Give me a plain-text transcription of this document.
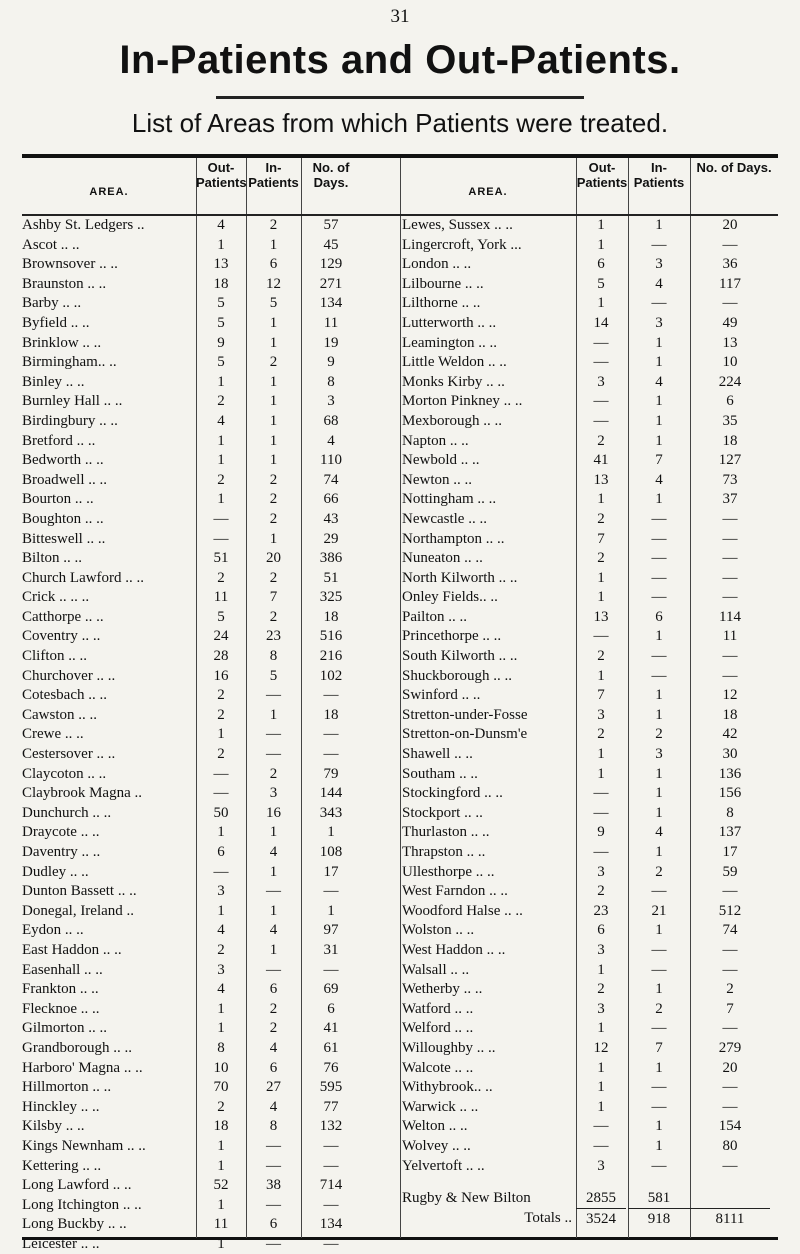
31
In-Patients and Out-Patients.
List of Areas from which Patients were treated.
AREA.
Out- Patients
In- Patients
No. of Days.
Ashby St. Ledgers ..	4	2	57
Ascot .. ..	1	1	45
Brownsover .. ..	13	6	129
Braunston .. ..	18	12	271
Barby .. ..	5	5	134
Byfield .. ..	5	1	11
Brinklow .. ..	9	1	19
Birmingham.. ..	5	2	9
Binley .. ..	1	1	8
Burnley Hall .. ..	2	1	3
Birdingbury .. ..	4	1	68
Bretford .. ..	1	1	4
Bedworth .. ..	1	1	110
Broadwell .. ..	2	2	74
Bourton .. ..	1	2	66
Boughton .. ..	—	2	43
Bitteswell .. ..	—	1	29
Bilton .. ..	51	20	386
Church Lawford .. ..	2	2	51
Crick .. .. ..	11	7	325
Catthorpe .. ..	5	2	18
Coventry .. ..	24	23	516
Clifton .. ..	28	8	216
Churchover .. ..	16	5	102
Cotesbach .. ..	2	—	—
Cawston .. ..	2	1	18
Crewe .. ..	1	—	—
Cestersover .. ..	2	—	—
Claycoton .. ..	—	2	79
Claybrook Magna ..	—	3	144
Dunchurch .. ..	50	16	343
Draycote .. ..	1	1	1
Daventry .. ..	6	4	108
Dudley .. ..	—	1	17
Dunton Bassett .. ..	3	—	—
Donegal, Ireland ..	1	1	1
Eydon .. ..	4	4	97
East Haddon .. ..	2	1	31
Easenhall .. ..	3	—	—
Frankton .. ..	4	6	69
Flecknoe .. ..	1	2	6
Gilmorton .. ..	1	2	41
Grandborough .. ..	8	4	61
Harboro' Magna .. ..	10	6	76
Hillmorton .. ..	70	27	595
Hinckley .. ..	2	4	77
Kilsby .. ..	18	8	132
Kings Newnham .. ..	1	—	—
Kettering .. ..	1	—	—
Long Lawford .. ..	52	38	714
Long Itchington .. ..	1	—	—
Long Buckby .. ..	11	6	134
Leicester .. ..	1	—	—
AREA.
Out- Patients
In- Patients
No. of Days.
Lewes, Sussex .. ..	1	1	20
Lingercroft, York ...	1	—	—
London .. ..	6	3	36
Lilbourne .. ..	5	4	117
Lilthorne .. ..	1	—	—
Lutterworth .. ..	14	3	49
Leamington .. ..	—	1	13
Little Weldon .. ..	—	1	10
Monks Kirby .. ..	3	4	224
Morton Pinkney .. ..	—	1	6
Mexborough .. ..	—	1	35
Napton .. ..	2	1	18
Newbold .. ..	41	7	127
Newton .. ..	13	4	73
Nottingham .. ..	1	1	37
Newcastle .. ..	2	—	—
Northampton .. ..	7	—	—
Nuneaton .. ..	2	—	—
North Kilworth .. ..	1	—	—
Onley Fields.. ..	1	—	—
Pailton .. ..	13	6	114
Princethorpe .. ..	—	1	11
South Kilworth .. ..	2	—	—
Shuckborough .. ..	1	—	—
Swinford .. ..	7	1	12
Stretton-under-Fosse	3	1	18
Stretton-on-Dunsm'e	2	2	42
Shawell .. ..	1	3	30
Southam .. ..	1	1	136
Stockingford .. ..	—	1	156
Stockport .. ..	—	1	8
Thurlaston .. ..	9	4	137
Thrapston .. ..	—	1	17
Ullesthorpe .. ..	3	2	59
West Farndon .. ..	2	—	—
Woodford Halse .. ..	23	21	512
Wolston .. ..	6	1	74
West Haddon .. ..	3	—	—
Walsall .. ..	1	—	—
Wetherby .. ..	2	1	2
Watford .. ..	3	2	7
Welford .. ..	1	—	—
Willoughby .. ..	12	7	279
Walcote .. ..	1	1	20
Withybrook.. ..	1	—	—
Warwick .. ..	1	—	—
Welton .. ..	—	1	154
Wolvey .. ..	—	1	80
Yelvertoft .. ..	3	—	—
Rugby & New Bilton	2855	581
Totals .. 3524	918	8111
